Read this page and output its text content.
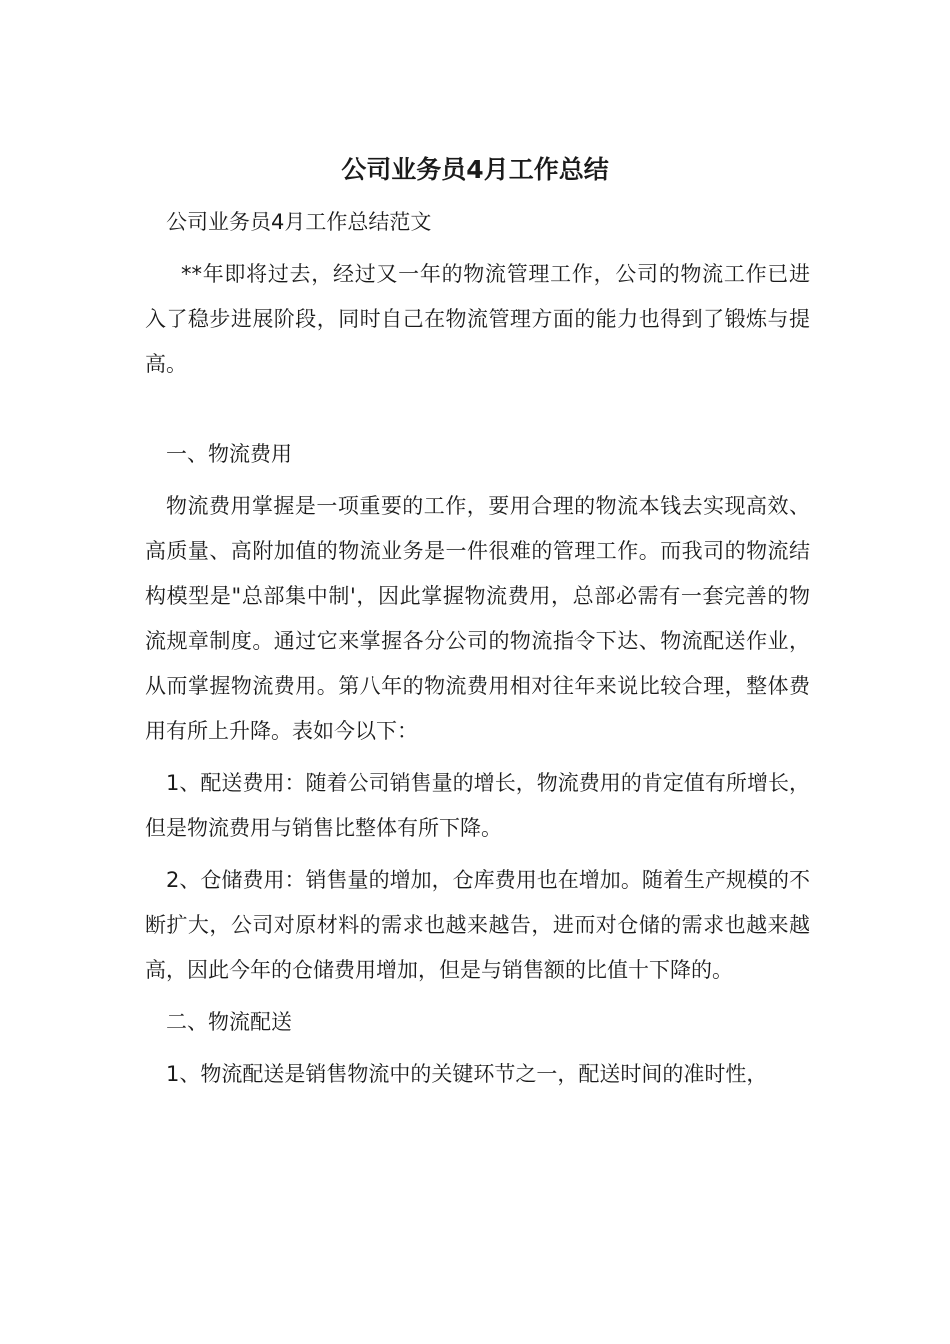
公司业务员4月工作总结

公司业务员4月工作总结范文

**年即将过去，经过又一年的物流管理工作，公司的物流工作已进入了稳步进展阶段，同时自己在物流管理方面的能力也得到了锻炼与提高。

一、物流费用

物流费用掌握是一项重要的工作，要用合理的物流本钱去实现高效、高质量、高附加值的物流业务是一件很难的管理工作。而我司的物流结构模型是"总部集中制'，因此掌握物流费用，总部必需有一套完善的物流规章制度。通过它来掌握各分公司的物流指令下达、物流配送作业，从而掌握物流费用。第八年的物流费用相对往年来说比较合理，整体费用有所上升降。表如今以下：

1、配送费用：随着公司销售量的增长，物流费用的肯定值有所增长，但是物流费用与销售比整体有所下降。

2、仓储费用：销售量的增加，仓库费用也在增加。随着生产规模的不断扩大，公司对原材料的需求也越来越告，进而对仓储的需求也越来越高，因此今年的仓储费用增加，但是与销售额的比值十下降的。

二、物流配送

1、物流配送是销售物流中的关键环节之一，配送时间的准时性，
